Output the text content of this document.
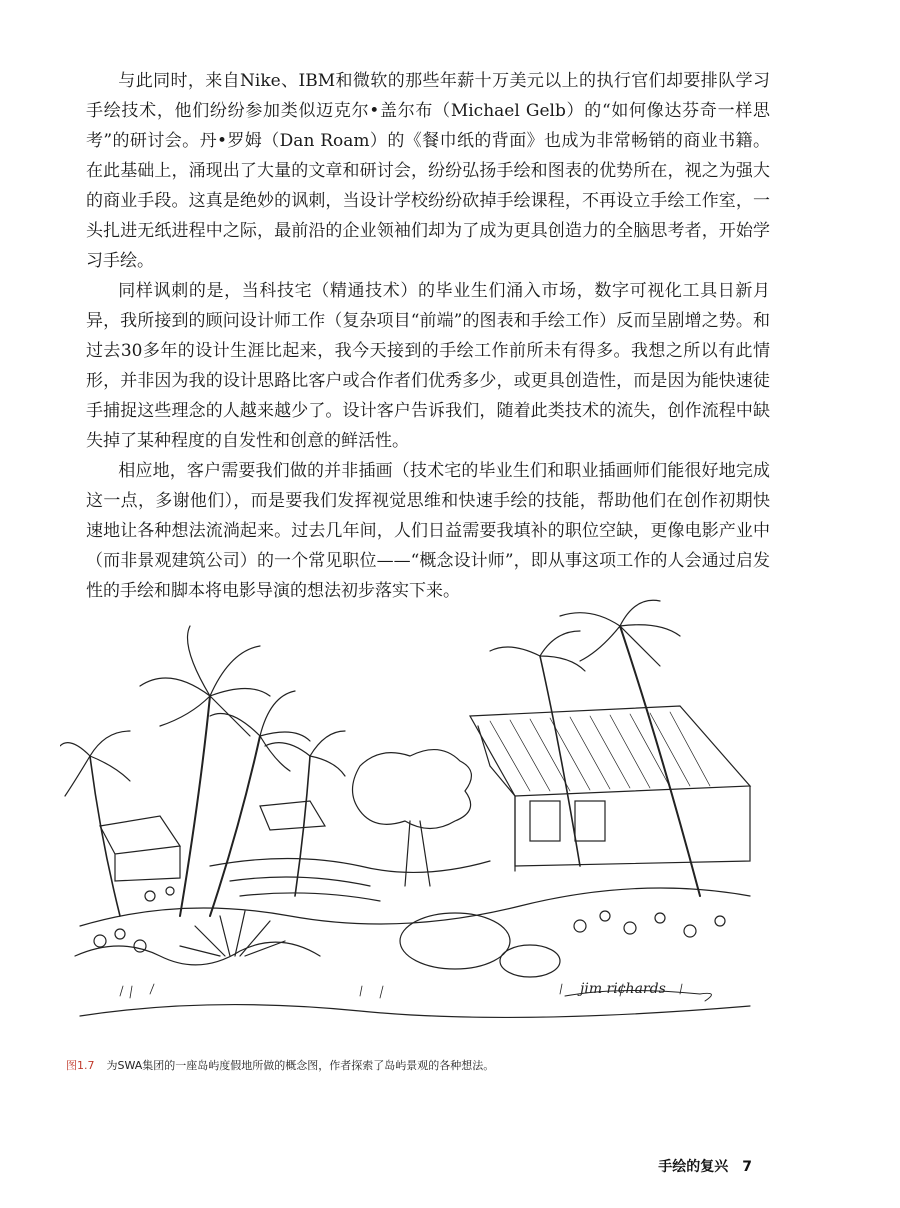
与此同时，来自Nike、IBM和微软的那些年薪十万美元以上的执行官们却要排队学习手绘技术，他们纷纷参加类似迈克尔•盖尔布（Michael Gelb）的“如何像达芬奇一样思考”的研讨会。丹•罗姆（Dan Roam）的《餐巾纸的背面》也成为非常畅销的商业书籍。在此基础上，涌现出了大量的文章和研讨会，纷纷弘扬手绘和图表的优势所在，视之为强大的商业手段。这真是绝妙的讽刺，当设计学校纷纷砍掉手绘课程，不再设立手绘工作室，一头扎进无纸进程中之际，最前沿的企业领袖们却为了成为更具创造力的全脑思考者，开始学习手绘。

同样讽刺的是，当科技宅（精通技术）的毕业生们涌入市场，数字可视化工具日新月异，我所接到的顾问设计师工作（复杂项目“前端”的图表和手绘工作）反而呈剧增之势。和过去30多年的设计生涯比起来，我今天接到的手绘工作前所未有得多。我想之所以有此情形，并非因为我的设计思路比客户或合作者们优秀多少，或更具创造性，而是因为能快速徒手捕捉这些理念的人越来越少了。设计客户告诉我们，随着此类技术的流失，创作流程中缺失掉了某种程度的自发性和创意的鲜活性。

相应地，客户需要我们做的并非插画（技术宅的毕业生们和职业插画师们能很好地完成这一点，多谢他们），而是要我们发挥视觉思维和快速手绘的技能，帮助他们在创作初期快速地让各种想法流淌起来。过去几年间，人们日益需要我填补的职位空缺，更像电影产业中（而非景观建筑公司）的一个常见职位——“概念设计师”，即从事这项工作的人会通过启发性的手绘和脚本将电影导演的想法初步落实下来。

jim richards
图1.7 为SWA集团的一座岛屿度假地所做的概念图，作者探索了岛屿景观的各种想法。
手绘的复兴 7
